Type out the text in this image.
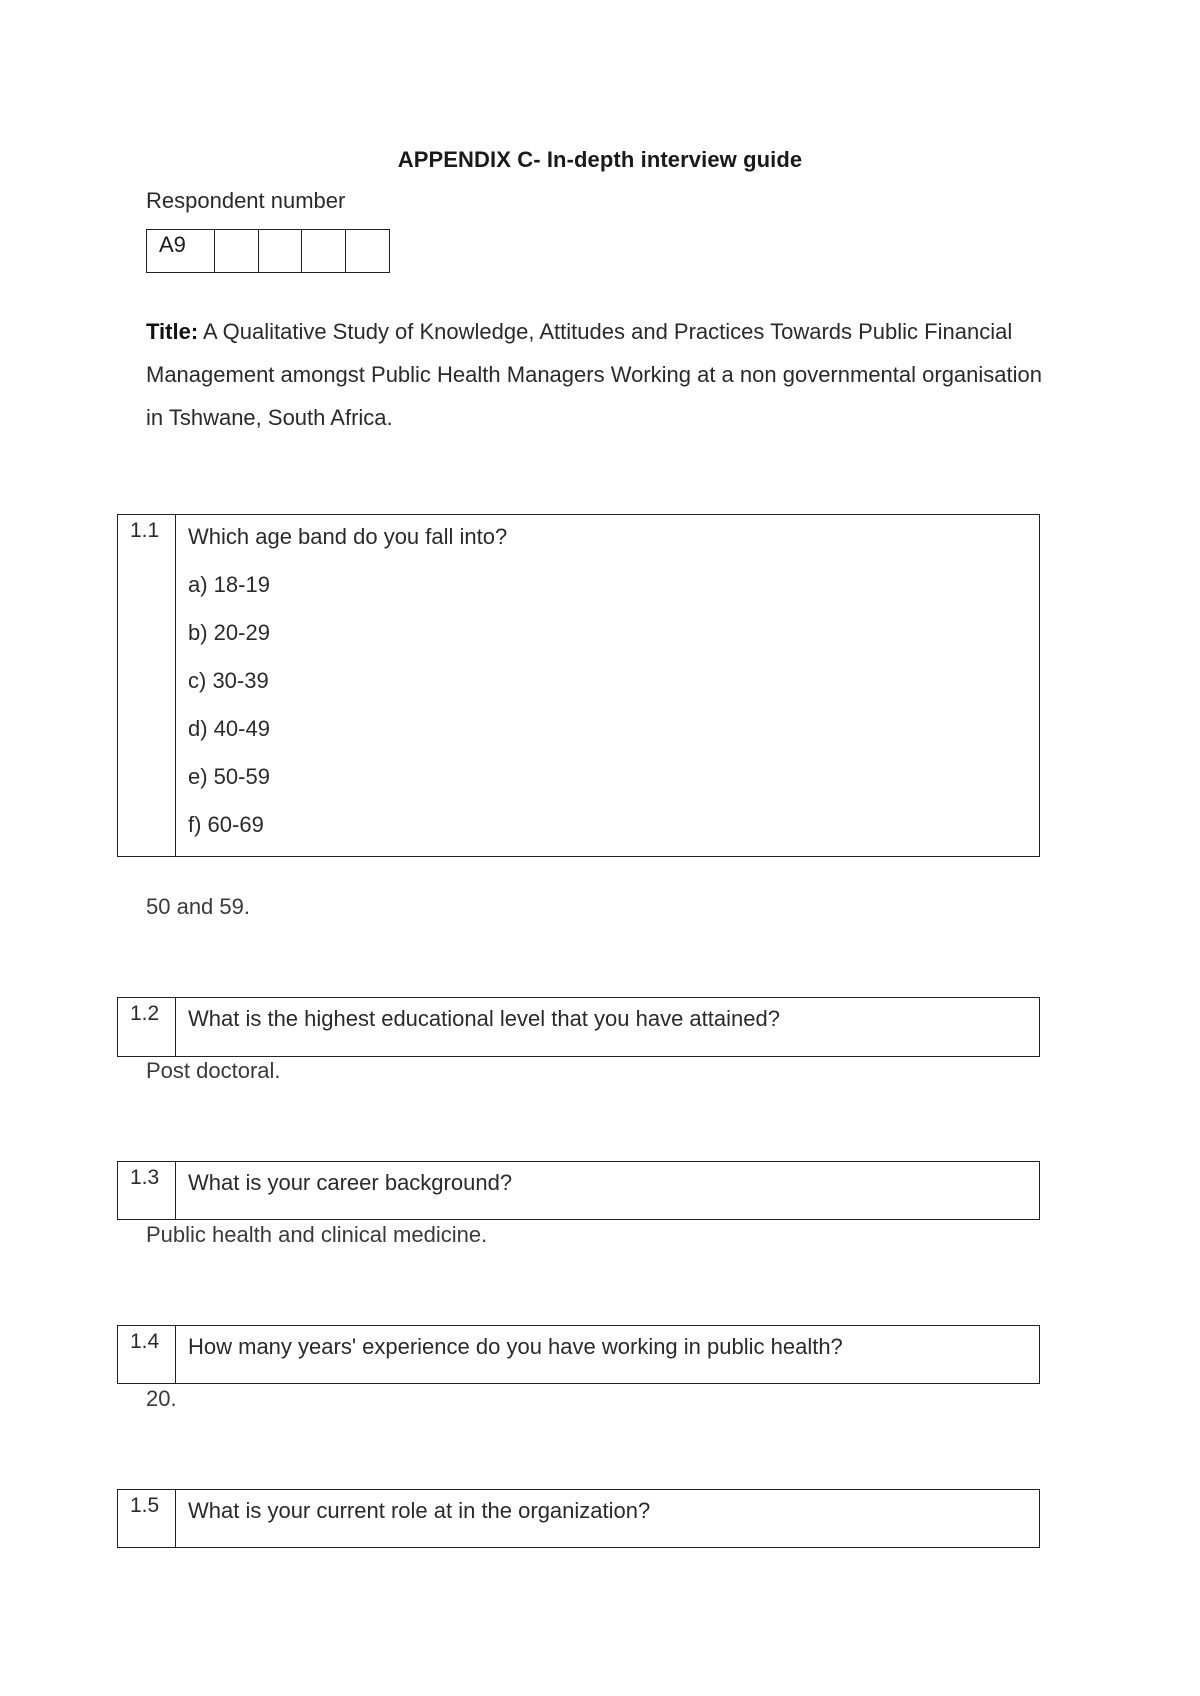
APPENDIX C- In-depth interview guide
Respondent number
A9
Title: A Qualitative Study of Knowledge, Attitudes and Practices Towards Public Financial Management amongst Public Health Managers Working at a non governmental organisation in Tshwane, South Africa.
1.1	Which age band do you fall into?
a) 18-19
b) 20-29
c) 30-39
d) 40-49
e) 50-59
f) 60-69
50 and 59.
1.2	What is the highest educational level that you have attained?
Post doctoral.
1.3	What is your career background?
Public health and clinical medicine.
1.4	How many years' experience do you have working in public health?
20.
1.5	What is your current role at in the organization?
